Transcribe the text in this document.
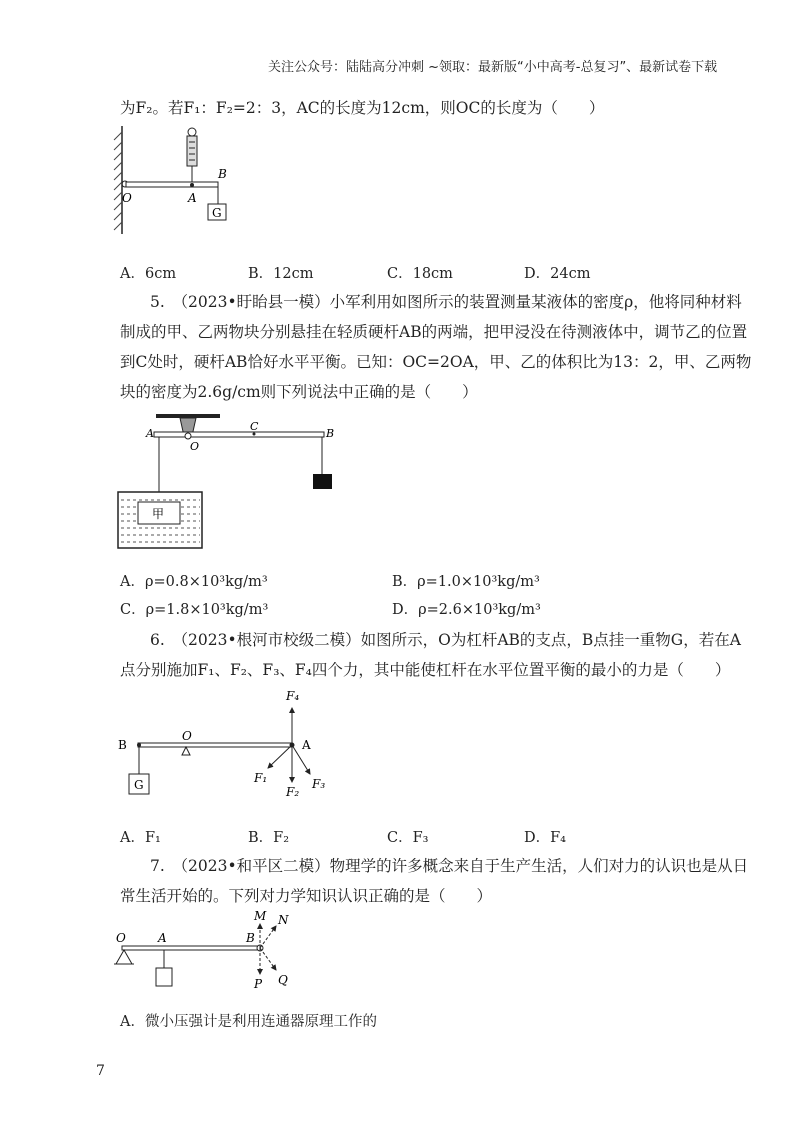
关注公众号：陆陆高分冲刺 ~领取：最新版“小中高考-总复习”、最新试卷下载
为F₂。若F₁：F₂=2：3，AC的长度为12cm，则OC的长度为（　　）
G
B
O	A
A．6cm	B．12cm	C．18cm	D．24cm
5.　（2023•盱眙县一模）小军利用如图所示的装置测量某液体的密度ρ，他将同种材料
制成的甲、乙两物块分别悬挂在轻质硬杆AB的两端，把甲浸没在待测液体中，调节乙的位置
到C处时，硬杆AB恰好水平平衡。已知：OC=2OA，甲、乙的体积比为13：2，甲、乙两物
块的密度为2.6g/cm则下列说法中正确的是（　　）
A
O
C
B
甲
A．ρ=0.8×10³kg/m³	B．ρ=1.0×10³kg/m³
C．ρ=1.8×10³kg/m³	D．ρ=2.6×10³kg/m³
6.　（2023•根河市校级二模）如图所示，O为杠杆AB的支点，B点挂一重物G，若在A
点分别施加F₁、F₂、F₃、F₄四个力，其中能使杠杆在水平位置平衡的最小的力是（　　）
B
O
A
G
F₄
F₁
F₂
F₃
A．F₁	B．F₂	C．F₃	D．F₄
7.　（2023•和平区二模）物理学的许多概念来自于生产生活，人们对力的认识也是从日
常生活开始的。下列对力学知识认识正确的是（　　）
O	A	B
M N
P Q
A．微小压强计是利用连通器原理工作的
7
